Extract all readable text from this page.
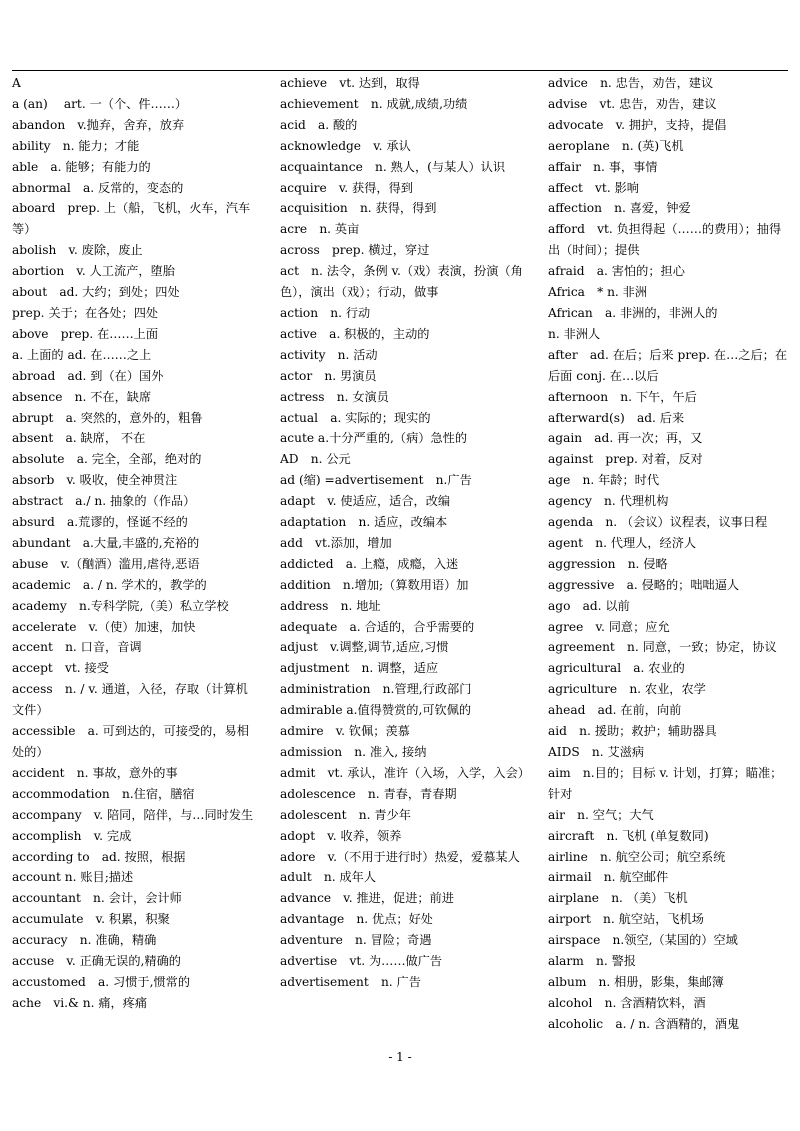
A
a (an)　 art. 一（个、件……）
abandon　v.抛弃，舍弃，放弃
ability　n. 能力；才能
able　a. 能够；有能力的
abnormal　a. 反常的，变态的
aboard　prep. 上（船，飞机，火车，汽车等）
abolish　v. 废除，废止
abortion　v. 人工流产，堕胎
about　ad. 大约；到处；四处
prep. 关于；在各处；四处
above　prep. 在……上面
a. 上面的 ad. 在……之上
abroad　ad. 到（在）国外
absence　n. 不在，缺席
abrupt　a. 突然的，意外的，粗鲁
absent　a. 缺席， 不在
absolute　a. 完全，全部，绝对的
absorb　v. 吸收，使全神贯注
abstract　a./ n. 抽象的（作品）
absurd　a.荒谬的，怪诞不经的
abundant　a.大量,丰盛的,充裕的
abuse　v.（酗酒）滥用,虐待,恶语
academic　a. / n. 学术的，教学的
academy　n.专科学院,（美）私立学校
accelerate　v.（使）加速，加快
accent　n. 口音，音调
accept　vt. 接受
access　n. / v. 通道，入径，存取（计算机文件）
accessible　a. 可到达的，可接受的，易相处的）
accident　n. 事故，意外的事
accommodation　n.住宿，膳宿
accompany　v. 陪同，陪伴，与…同时发生
accomplish　v. 完成
according to　ad. 按照，根据
account n. 账目;描述
accountant　n. 会计，会计师
accumulate　v. 积累，积聚
accuracy　n. 准确，精确
accuse　v. 正确无误的,精确的
accustomed　a. 习惯于,惯常的
ache　vi.& n. 痛，疼痛
achieve　vt. 达到，取得
achievement　n. 成就,成绩,功绩
acid　a. 酸的
acknowledge　v. 承认
acquaintance　n. 熟人，(与某人）认识
acquire　v. 获得，得到
acquisition　n. 获得，得到
acre　n. 英亩
across　prep. 横过，穿过
act　n. 法令，条例 v.（戏）表演，扮演（角色），演出（戏）；行动，做事
action　n. 行动
active　a. 积极的，主动的
activity　n. 活动
actor　n. 男演员
actress　n. 女演员
actual　a. 实际的；现实的
acute a.十分严重的,（病）急性的
AD　n. 公元
ad (缩) =advertisement　n.广告
adapt　v. 使适应，适合，改编
adaptation　n. 适应，改编本
add　vt.添加，增加
addicted　a. 上瘾，成瘾，入迷
addition　n.增加;（算数用语）加
address　n. 地址
adequate　a. 合适的，合乎需要的
adjust　v.调整,调节,适应,习惯
adjustment　n. 调整，适应
administration　n.管理,行政部门
admirable a.值得赞赏的,可钦佩的
admire　v. 钦佩；羡慕
admission　n. 准入, 接纳
admit　vt. 承认，准许（入场，入学，入会）
adolescence　n. 青春，青春期
adolescent　n. 青少年
adopt　v. 收养，领养
adore　v.（不用于进行时）热爱，爱慕某人
adult　n. 成年人
advance　v. 推进，促进；前进
advantage　n. 优点；好处
adventure　n. 冒险；奇遇
advertise　vt. 为……做广告
advertisement　n. 广告
advice　n. 忠告，劝告，建议
advise　vt. 忠告，劝告，建议
advocate　v. 拥护，支持，提倡
aeroplane　n. (英)飞机
affair　n. 事，事情
affect　vt. 影响
affection　n. 喜爱，钟爱
afford　vt. 负担得起（……的费用）；抽得出（时间）；提供
afraid　a. 害怕的；担心
Africa　* n. 非洲
African　a. 非洲的，非洲人的
n. 非洲人
after　ad. 在后；后来 prep. 在…之后；在 后面 conj. 在…以后
afternoon　n. 下午，午后
afterward(s)　ad. 后来
again　ad. 再一次；再，又
against　prep. 对着，反对
age　n. 年龄；时代
agency　n. 代理机构
agenda　n. （会议）议程表，议事日程
agent　n. 代理人，经济人
aggression　n. 侵略
aggressive　a. 侵略的；咄咄逼人
ago　ad. 以前
agree　v. 同意；应允
agreement　n. 同意，一致；协定，协议
agricultural　a. 农业的
agriculture　n. 农业，农学
ahead　ad. 在前，向前
aid　n. 援助；救护；辅助器具
AIDS　n. 艾滋病
aim　n.目的；目标 v. 计划，打算；瞄准；针对
air　n. 空气；大气
aircraft　n. 飞机 (单复数同)
airline　n. 航空公司；航空系统
airmail　n. 航空邮件
airplane　n. （美）飞机
airport　n. 航空站，飞机场
airspace　n.领空,（某国的）空域
alarm　n. 警报
album　n. 相册，影集，集邮簿
alcohol　n. 含酒精饮料，酒
alcoholic　a. / n. 含酒精的，酒鬼
- 1 -
